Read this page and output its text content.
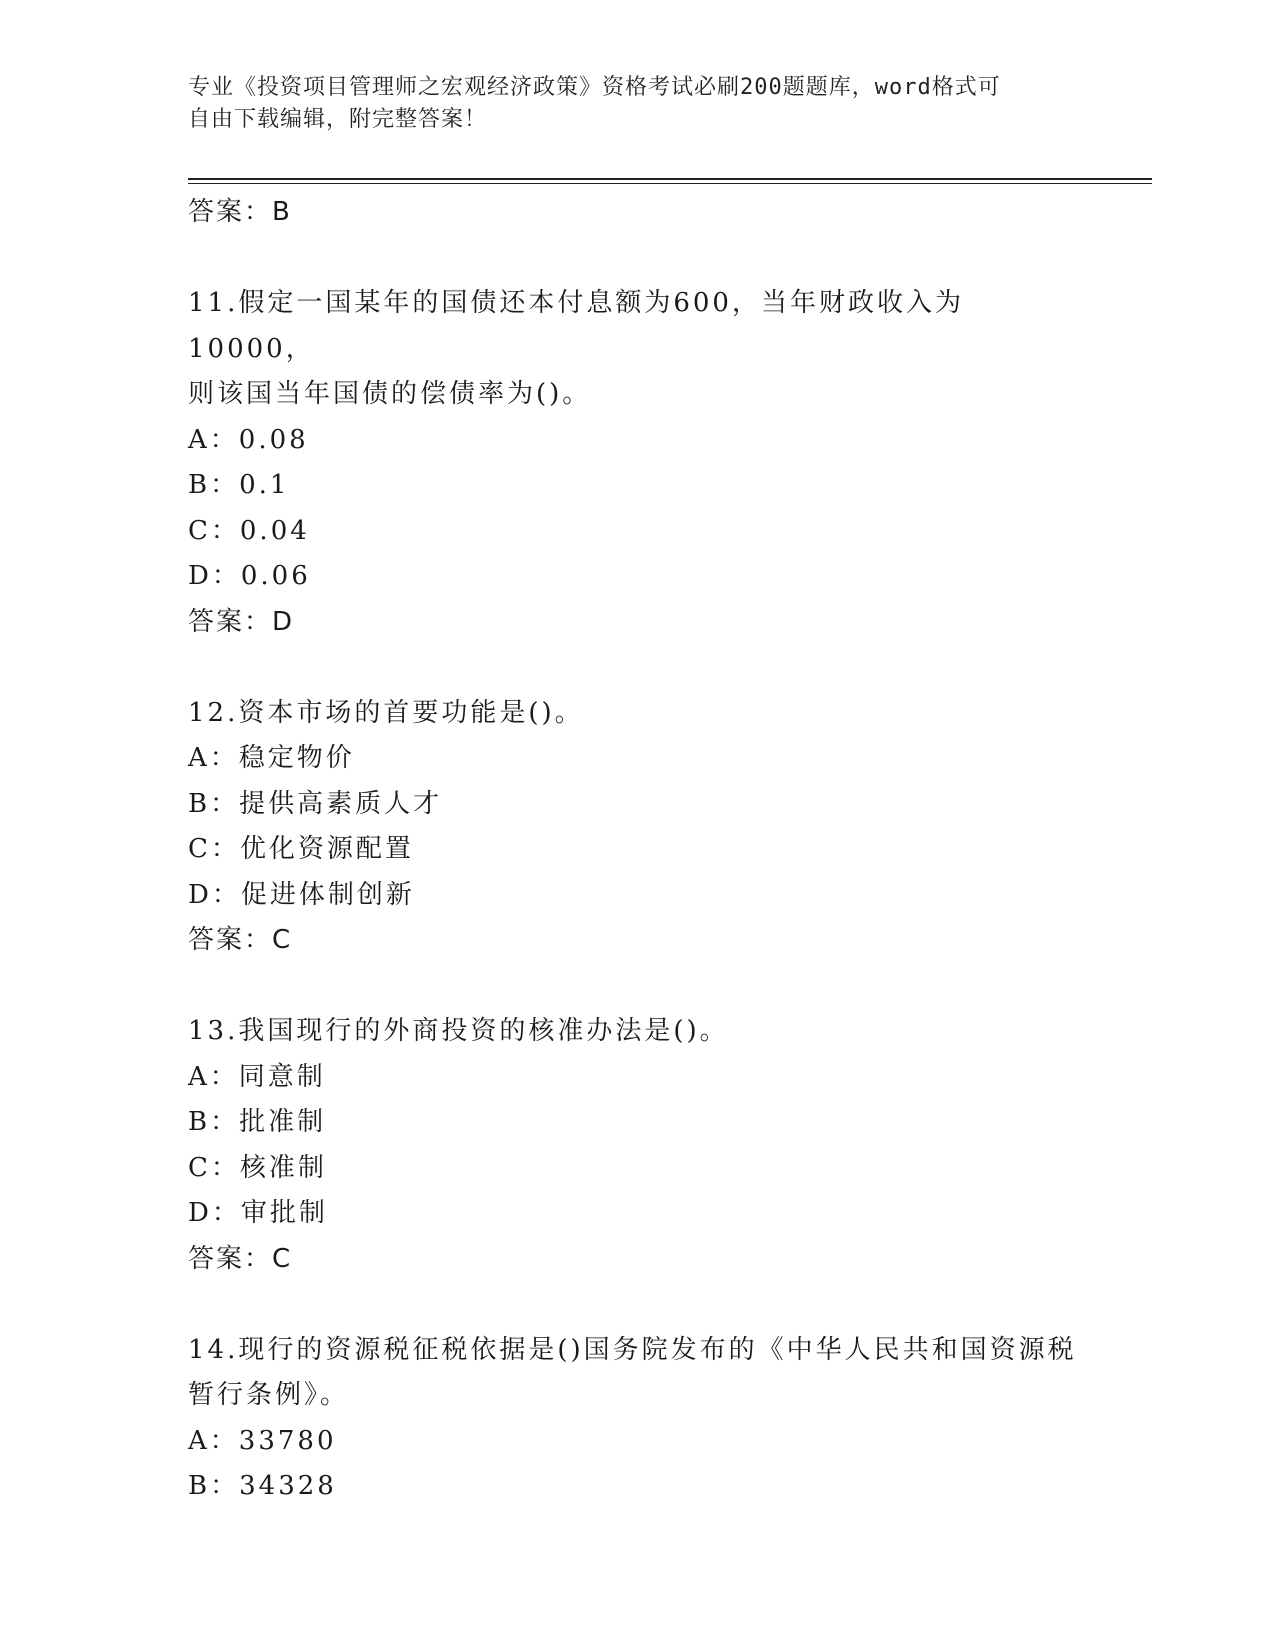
专业《投资项目管理师之宏观经济政策》资格考试必刷200题题库，word格式可
自由下载编辑，附完整答案！
答案：B
11.假定一国某年的国债还本付息额为600，当年财政收入为10000，
则该国当年国债的偿债率为()。
A：0.08
B：0.1
C：0.04
D：0.06
答案：D
12.资本市场的首要功能是()。
A：稳定物价
B：提供高素质人才
C：优化资源配置
D：促进体制创新
答案：C
13.我国现行的外商投资的核准办法是()。
A：同意制
B：批准制
C：核准制
D：审批制
答案：C
14.现行的资源税征税依据是()国务院发布的《中华人民共和国资源税
暂行条例》。
A：33780
B：34328
